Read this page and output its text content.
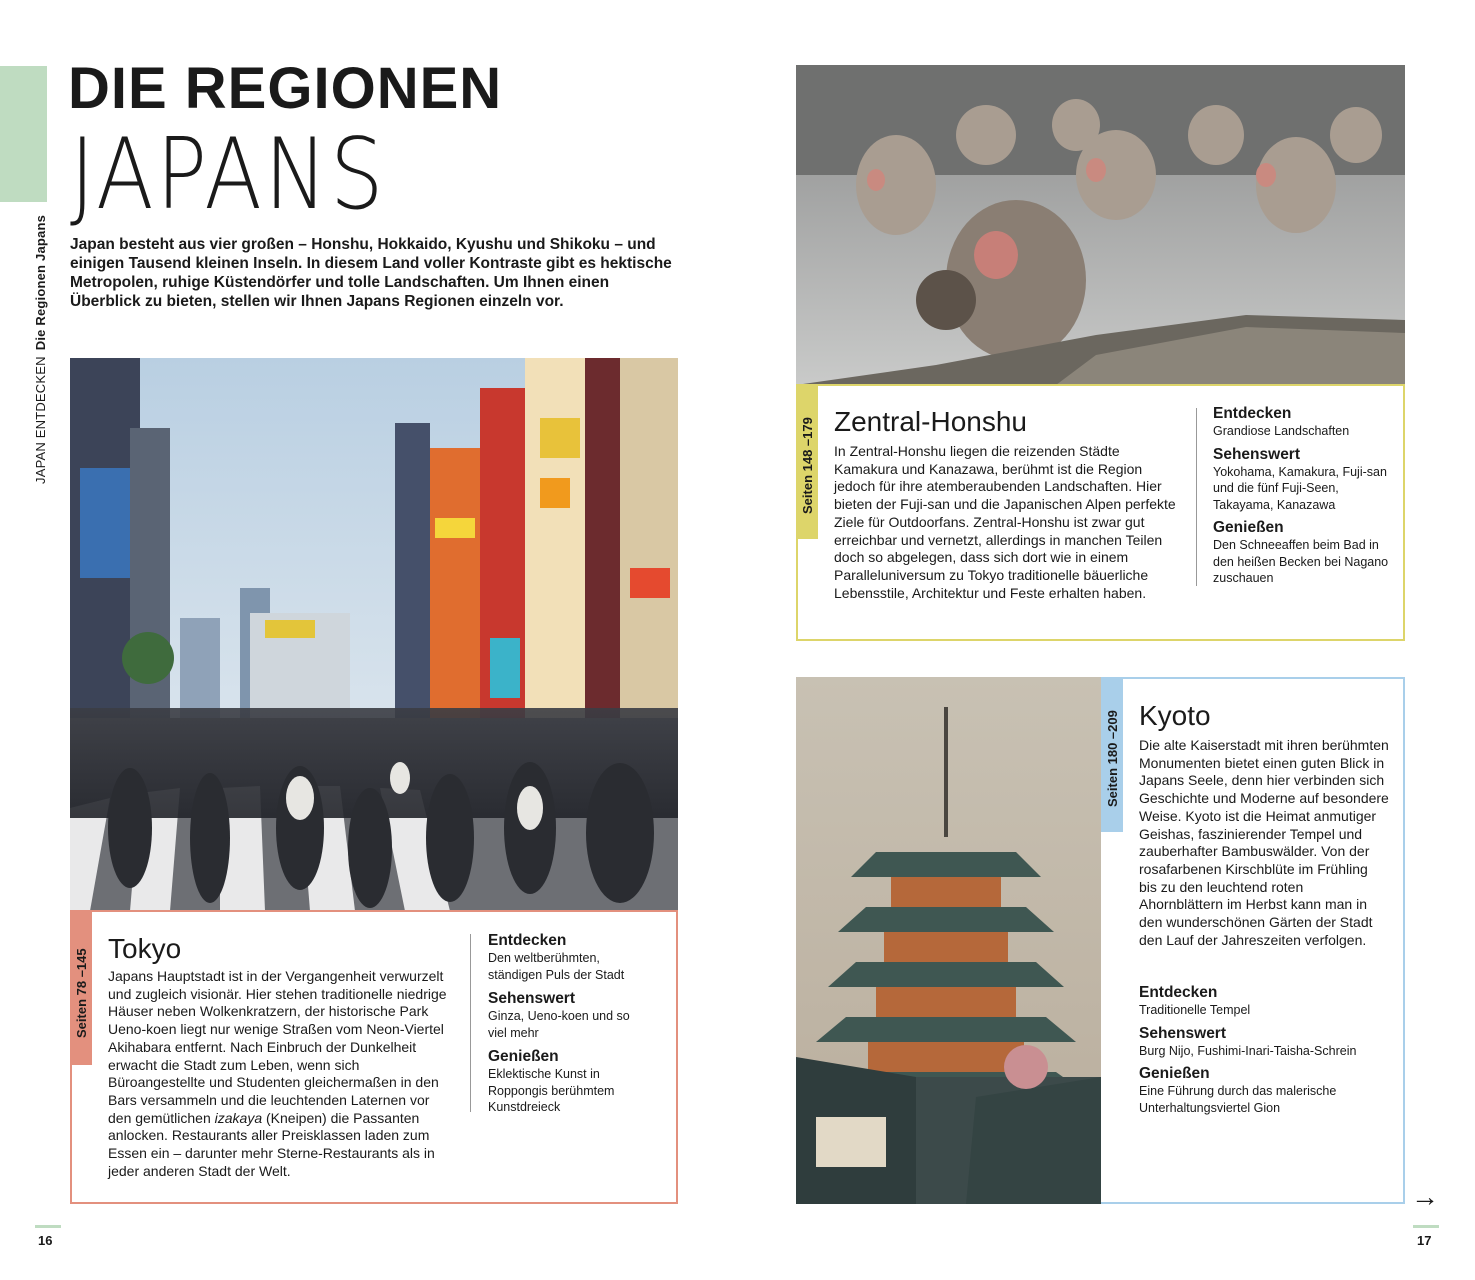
JAPAN ENTDECKENDie Regionen Japans
DIE REGIONEN
JAPANS

Japan besteht aus vier großen – Honshu, Hokkaido, Kyushu und Shikoku – und einigen Tausend kleinen Inseln. In diesem Land voller Kontraste gibt es hektische Metropolen, ruhige Küstendörfer und tolle Landschaften. Um Ihnen einen Überblick zu bieten, stellen wir Ihnen Japans Regionen einzeln vor.

Seiten 78 –145 Tokyo

Japans Hauptstadt ist in der Vergangenheit verwurzelt und zugleich visionär. Hier stehen traditionelle niedrige Häuser neben Wolkenkratzern, der historische Park Ueno-koen liegt nur wenige Straßen vom Neon-Viertel Akihabara entfernt. Nach Einbruch der Dunkelheit erwacht die Stadt zum Leben, wenn sich Büroangestellte und Studenten gleichermaßen in den Bars versammeln und die leuchtenden Laternen vor den gemütlichen izakaya (Kneipen) die Passanten anlocken. Restaurants aller Preisklassen laden zum Essen ein – darunter mehr Sterne-Restaurants als in jeder anderen Stadt der Welt.

Entdecken
Den weltberühmten, ständigen Puls der Stadt
Sehenswert
Ginza, Ueno-koen und so viel mehr
Genießen
Eklektische Kunst in Roppongis berühmtem Kunstdreieck
16
Seiten 148 –179 Zentral-Honshu

In Zentral-Honshu liegen die reizenden Städte Kamakura und Kanazawa, berühmt ist die Region jedoch für ihre atemberaubenden Landschaften. Hier bieten der Fuji-san und die Japanischen Alpen perfekte Ziele für Outdoorfans. Zentral-Honshu ist zwar gut erreichbar und vernetzt, allerdings in manchen Teilen doch so abgelegen, dass sich dort wie in einem Paralleluniversum zu Tokyo traditionelle bäuerliche Lebensstile, Architektur und Feste erhalten haben.

Entdecken
Grandiose Landschaften
Sehenswert
Yokohama, Kamakura, Fuji-san und die fünf Fuji-Seen, Takayama, Kanazawa
Genießen
Den Schneeaffen beim Bad in den heißen Becken bei Nagano zuschauen
Seiten 180 –209 Kyoto

Die alte Kaiserstadt mit ihren berühmten Monumenten bietet einen guten Blick in Japans Seele, denn hier verbinden sich Geschichte und Moderne auf besondere Weise. Kyoto ist die Heimat anmutiger Geishas, faszinierender Tempel und zauberhafter Bambuswälder. Von der rosafarbenen Kirschblüte im Frühling bis zu den leuchtend roten Ahornblättern im Herbst kann man in den wunderschönen Gärten der Stadt den Lauf der Jahreszeiten verfolgen.

Entdecken
Traditionelle Tempel
Sehenswert
Burg Nijo, Fushimi-Inari-Taisha-Schrein
Genießen
Eine Führung durch das malerische Unterhaltungsviertel Gion
→
17
